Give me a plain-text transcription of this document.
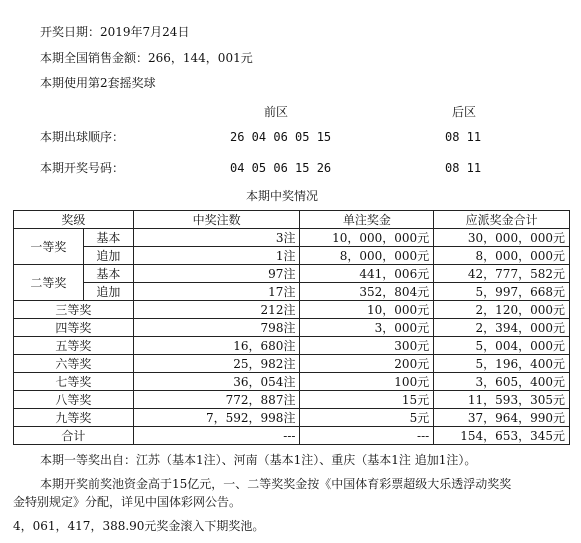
开奖日期：2019年7月24日
本期全国销售金额：266，144，001元
本期使用第2套摇奖球
前区	后区
本期出球顺序：	26 04 06 05 15	08 11
本期开奖号码：	04 05 06 15 26	08 11
本期中奖情况
奖级		中奖注数	单注奖金	应派奖金合计
一等奖	基本	3注	10，000，000元	30，000，000元
	追加	1注	8，000，000元	8，000，000元
二等奖	基本	97注	441，006元	42，777，582元
	追加	17注	352，804元	5，997，668元
三等奖		212注	10，000元	2，120，000元
四等奖		798注	3，000元	2，394，000元
五等奖		16，680注	300元	5，004，000元
六等奖		25，982注	200元	5，196，400元
七等奖		36，054注	100元	3，605，400元
八等奖		772，887注	15元	11，593，305元
九等奖		7，592，998注	5元	37，964，990元
合计		---	---	154，653，345元
本期一等奖出自：江苏（基本1注）、河南（基本1注）、重庆（基本1注 追加1注）。
本期开奖前奖池资金高于15亿元，一、二等奖奖金按《中国体育彩票超级大乐透浮动奖奖
金特别规定》分配，详见中国体彩网公告。
4，061，417，388.90元奖金滚入下期奖池。
